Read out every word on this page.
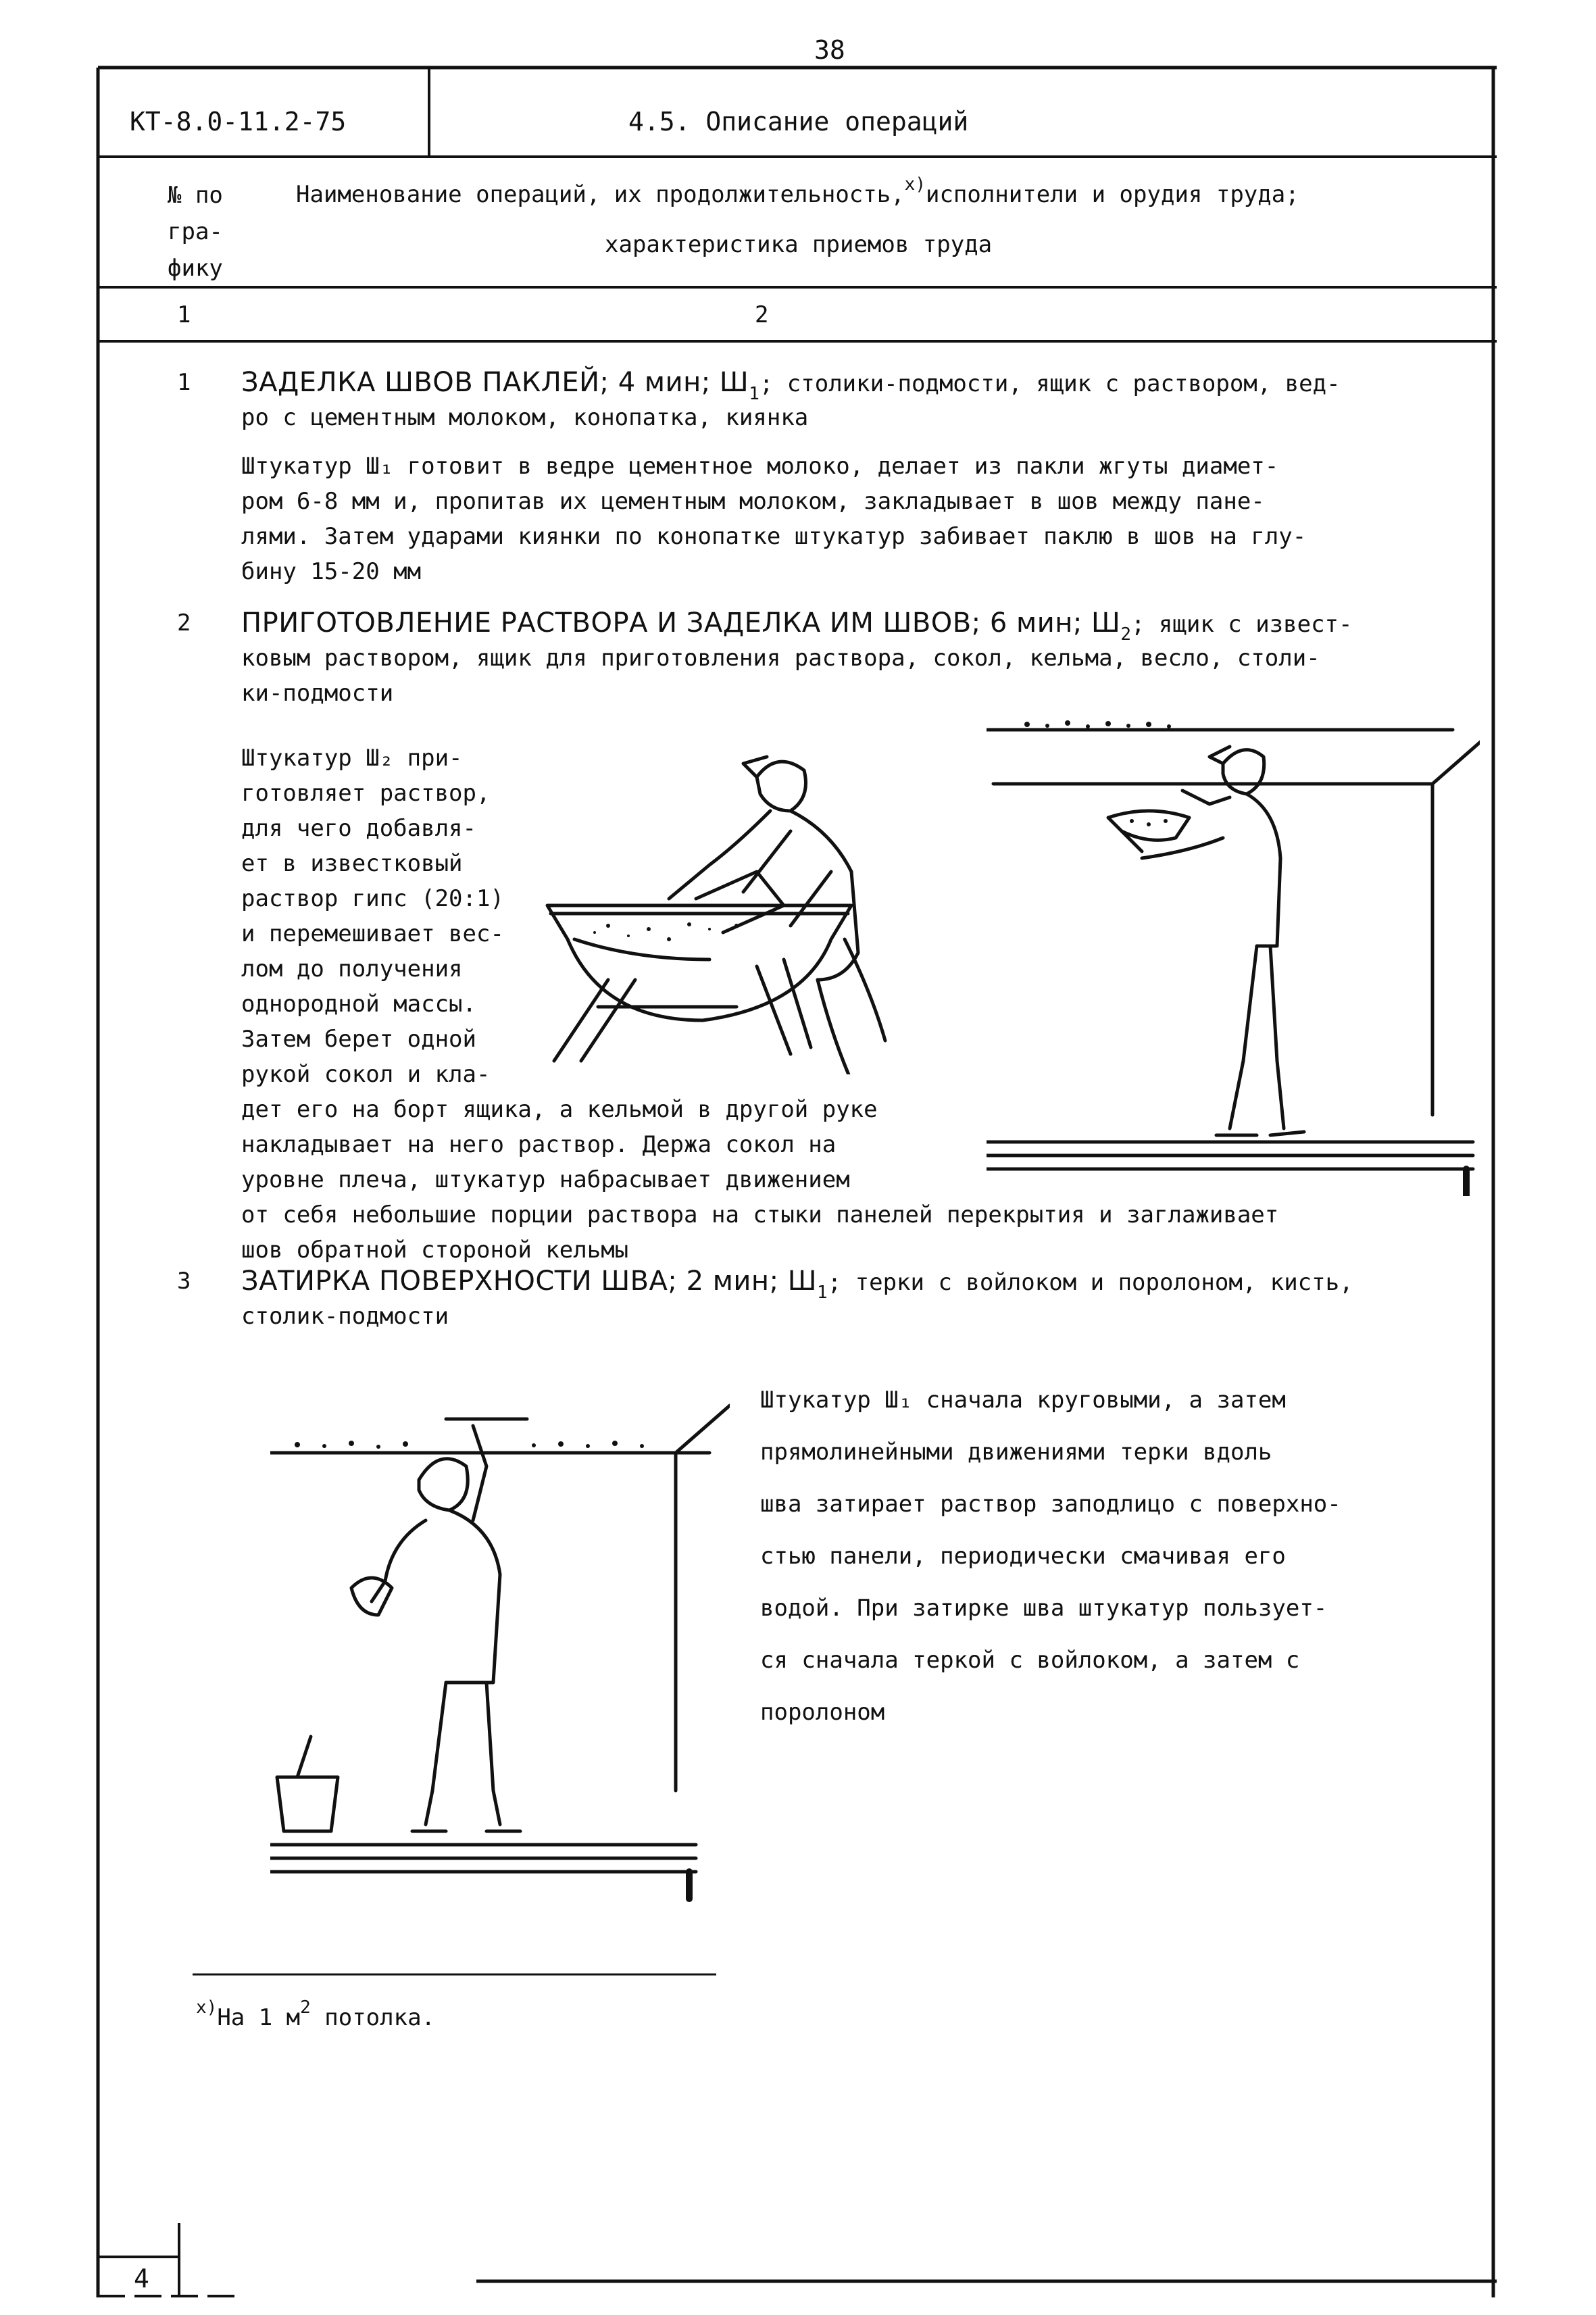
38
КТ-8.0-11.2-75	4.5. Описание операций
№ по
гра-
фику
Наименование операций, их продолжительность,$^{x)}$исполнители и орудия труда;
характеристика приемов труда
1	2
1 ЗАДЕЛКА ШВОВ ПАКЛЕЙ; 4 мин; $Ш_1$; столики-подмости, ящик с раствором, вед-
ро с цементным молоком, конопатка, киянка
Штукатур Ш₁ готовит в ведре цементное молоко, делает из пакли жгуты диамет-
ром 6-8 мм и, пропитав их цементным молоком, закладывает в шов между пане-
лями. Затем ударами киянки по конопатке штукатур забивает паклю в шов на глу-
бину 15-20 мм
2 ПРИГОТОВЛЕНИЕ РАСТВОРА И ЗАДЕЛКА ИМ ШВОВ; 6 мин; $Ш_2$; ящик с извест-
ковым раствором, ящик для приготовления раствора, сокол, кельма, весло, столи-
ки-подмости
Штукатур Ш₂ при-
готовляет раствор,
для чего добавля-
ет в известковый
раствор гипс (20:1)
и перемешивает вес-
лом до получения
однородной массы.
Затем берет одной
рукой сокол и кла-
дет его на борт ящика, а кельмой в другой руке
накладывает на него раствор. Держа сокол на
уровне плеча, штукатур набрасывает движением
от себя небольшие порции раствора на стыки панелей перекрытия и заглаживает
шов обратной стороной кельмы
3 ЗАТИРКА ПОВЕРХНОСТИ ШВА; 2 мин; $Ш_1$; терки с войлоком и поролоном, кисть,
столик-подмости
Штукатур Ш₁ сначала круговыми, а затем
прямолинейными движениями терки вдоль
шва затирает раствор заподлицо с поверхно-
стью панели, периодически смачивая его
водой. При затирке шва штукатур пользует-
ся сначала теркой с войлоком, а затем с
поролоном
$^{x)}$На 1 $м^2$ потолка.
4
